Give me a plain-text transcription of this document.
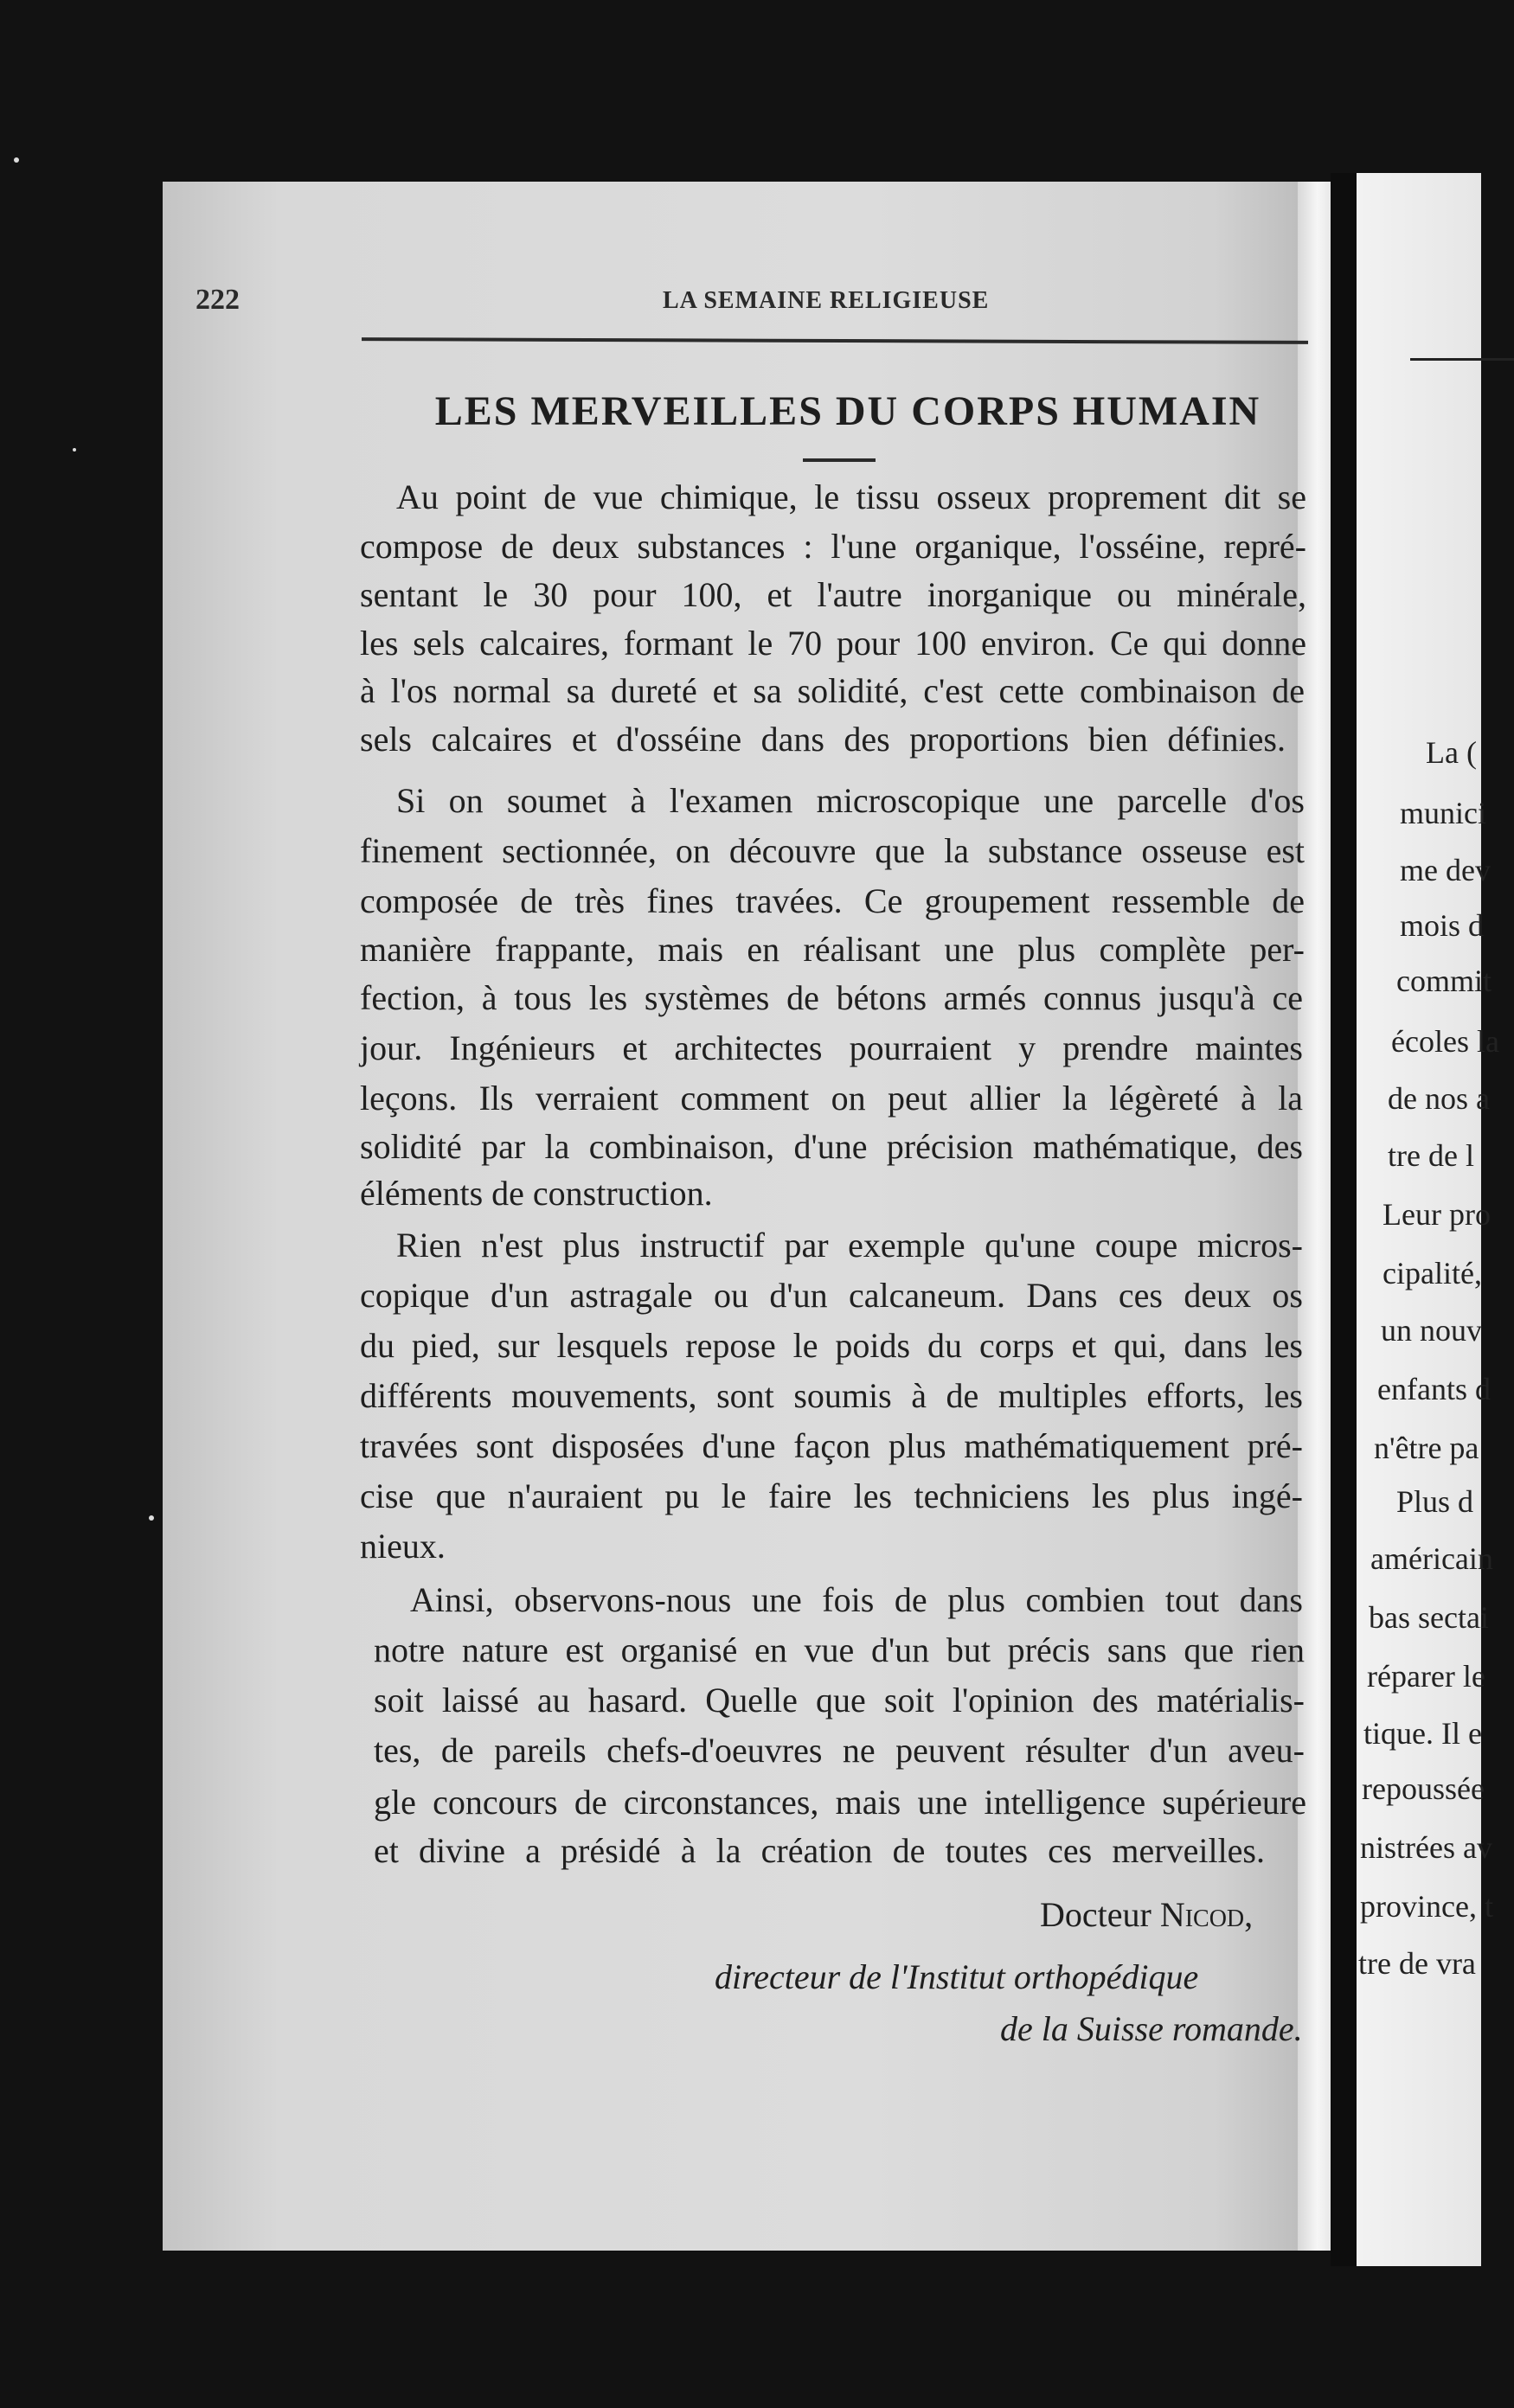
La (
munici
me dev
mois d
commit
écoles la
de nos a
tre de l
Leur pro
cipalité,
un nouv
enfants d
n'être pa
Plus d
américain
bas sectai
réparer le
tique. Il e
repoussée
nistrées av
province, t
tre de vra
222	LA SEMAINE RELIGIEUSE
LES MERVEILLES DU CORPS HUMAIN
Au point de vue chimique, le tissu osseux proprement dit se
compose de deux substances : l'une organique, l'osséine, repré-
sentant le 30 pour 100, et l'autre inorganique ou minérale,
les sels calcaires, formant le 70 pour 100 environ. Ce qui donne
à l'os normal sa dureté et sa solidité, c'est cette combinaison de
sels calcaires et d'osséine dans des proportions bien définies.
Si on soumet à l'examen microscopique une parcelle d'os
finement sectionnée, on découvre que la substance osseuse est
composée de très fines travées. Ce groupement ressemble de
manière frappante, mais en réalisant une plus complète per-
fection, à tous les systèmes de bétons armés connus jusqu'à ce
jour. Ingénieurs et architectes pourraient y prendre maintes
leçons. Ils verraient comment on peut allier la légèreté à la
solidité par la combinaison, d'une précision mathématique, des
éléments de construction.
Rien n'est plus instructif par exemple qu'une coupe micros-
copique d'un astragale ou d'un calcaneum. Dans ces deux os
du pied, sur lesquels repose le poids du corps et qui, dans les
différents mouvements, sont soumis à de multiples efforts, les
travées sont disposées d'une façon plus mathématiquement pré-
cise que n'auraient pu le faire les techniciens les plus ingé-
nieux.
Ainsi, observons-nous une fois de plus combien tout dans
notre nature est organisé en vue d'un but précis sans que rien
soit laissé au hasard. Quelle que soit l'opinion des matérialis-
tes, de pareils chefs-d'oeuvres ne peuvent résulter d'un aveu-
gle concours de circonstances, mais une intelligence supérieure
et divine a présidé à la création de toutes ces merveilles.
Docteur Nicod,
directeur de l'Institut orthopédique
de la Suisse romande.
